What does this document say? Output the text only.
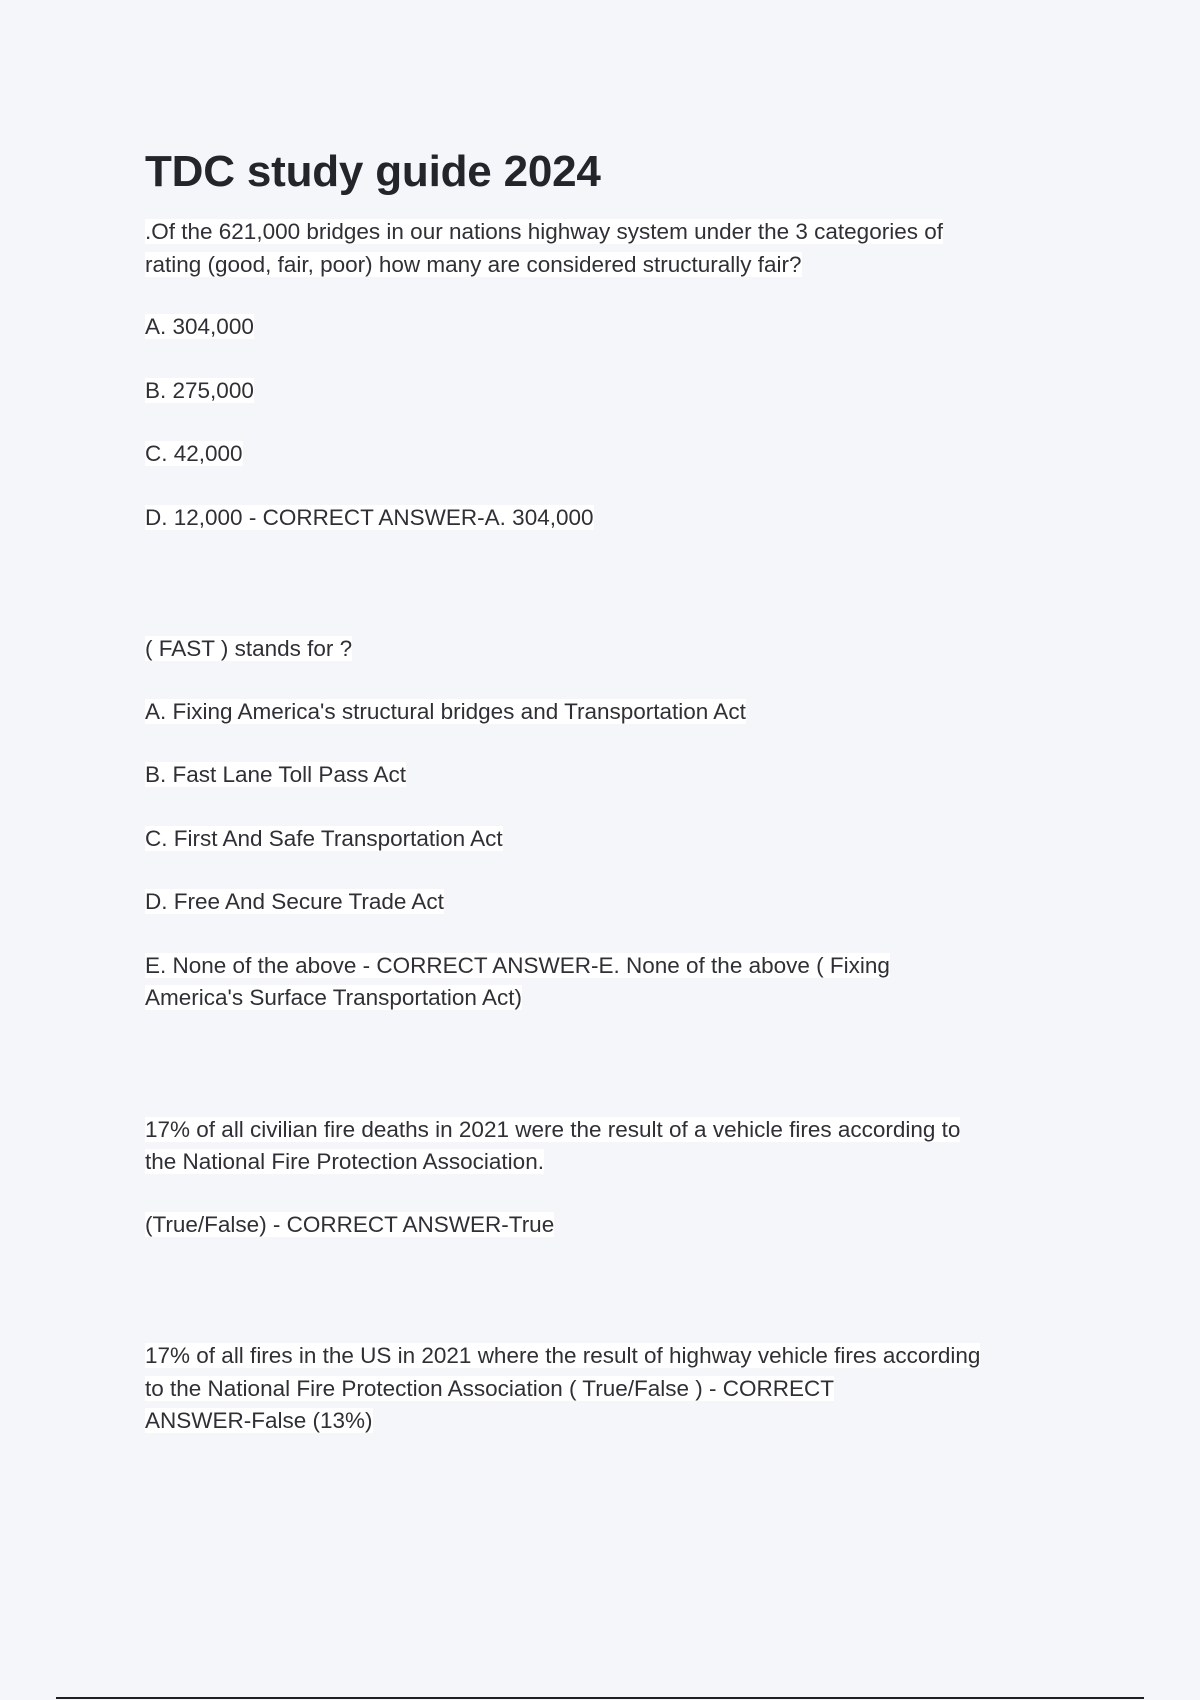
TDC study guide 2024

.Of the 621,000 bridges in our nations highway system under the 3 categories of
rating (good, fair, poor) how many are considered structurally fair?

A. 304,000

B. 275,000

C. 42,000

D. 12,000 - CORRECT ANSWER-A. 304,000

( FAST ) stands for ?

A. Fixing America's structural bridges and Transportation Act

B. Fast Lane Toll Pass Act

C. First And Safe Transportation Act

D. Free And Secure Trade Act

E. None of the above - CORRECT ANSWER-E. None of the above ( Fixing
America's Surface Transportation Act)

17% of all civilian fire deaths in 2021 were the result of a vehicle fires according to
the National Fire Protection Association.

(True/False) - CORRECT ANSWER-True

17% of all fires in the US in 2021 where the result of highway vehicle fires according
to the National Fire Protection Association ( True/False ) - CORRECT
ANSWER-False (13%)
